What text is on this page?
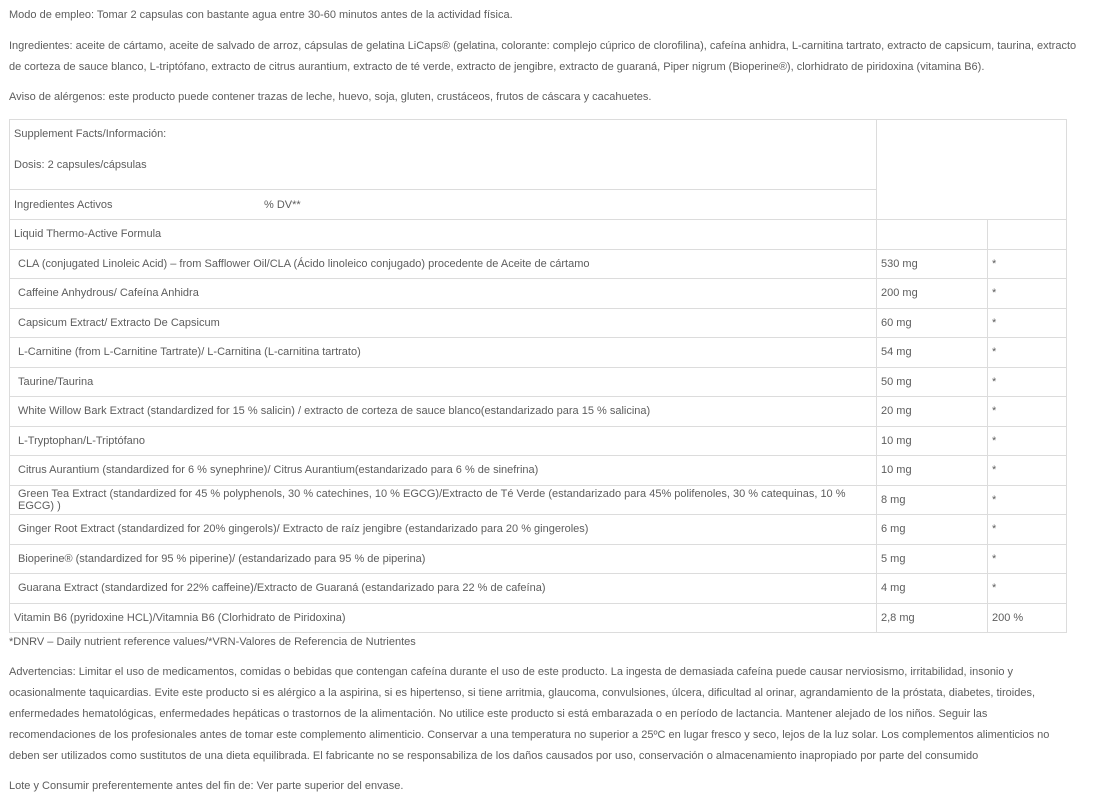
Modo de empleo: Tomar 2 capsulas con bastante agua entre 30-60 minutos antes de la actividad física.

Ingredientes: aceite de cártamo, aceite de salvado de arroz, cápsulas de gelatina LiCaps® (gelatina, colorante: complejo cúprico de clorofilina), cafeína anhidra, L-carnitina tartrato, extracto de capsicum, taurina, extracto de corteza de sauce blanco, L-triptófano, extracto de citrus aurantium, extracto de té verde, extracto de jengibre, extracto de guaraná, Piper nigrum (Bioperine®), clorhidrato de piridoxina (vitamina B6).

Aviso de alérgenos: este producto puede contener trazas de leche, huevo, soja, gluten, crustáceos, frutos de cáscara y cacahuetes.

Supplement Facts/Información:
Dosis: 2 capsules/cápsulas		

Ingredientes Activos % DV**		
Liquid Thermo-Active Formula		
CLA (conjugated Linoleic Acid) – from Safflower Oil/CLA (Ácido linoleico conjugado) procedente de Aceite de cártamo	530 mg	*
Caffeine Anhydrous/ Cafeína Anhidra	200 mg	*
Capsicum Extract/ Extracto De Capsicum	60 mg	*
L-Carnitine (from L-Carnitine Tartrate)/ L-Carnitina (L-carnitina tartrato)	54 mg	*
Taurine/Taurina	50 mg	*
White Willow Bark Extract (standardized for 15 % salicin) / extracto de corteza de sauce blanco(estandarizado para 15 % salicina)	20 mg	*
L-Tryptophan/L-Triptófano	10 mg	*
Citrus Aurantium (standardized for 6 % synephrine)/ Citrus Aurantium(estandarizado para 6 % de sinefrina)	10 mg	*
Green Tea Extract (standardized for 45 % polyphenols, 30 % catechines, 10 % EGCG)/Extracto de Té Verde (estandarizado para 45% polifenoles, 30 % catequinas, 10 % EGCG) )	8 mg	*
Ginger Root Extract (standardized for 20% gingerols)/ Extracto de raíz jengibre (estandarizado para 20 % gingeroles)	6 mg	*
Bioperine® (standardized for 95 % piperine)/ (estandarizado para 95 % de piperina)	5 mg	*
Guarana Extract (standardized for 22% caffeine)/Extracto de Guaraná (estandarizado para 22 % de cafeína)	4 mg	*
Vitamin B6 (pyridoxine HCL)/Vitamnia B6 (Clorhidrato de Piridoxina)	2,8 mg	200 %

*DNRV – Daily nutrient reference values/*VRN-Valores de Referencia de Nutrientes

Advertencias: Limitar el uso de medicamentos, comidas o bebidas que contengan cafeína durante el uso de este producto. La ingesta de demasiada cafeína puede causar nerviosismo, irritabilidad, insonio y ocasionalmente taquicardias. Evite este producto si es alérgico a la aspirina, si es hipertenso, si tiene arritmia, glaucoma, convulsiones, úlcera, dificultad al orinar, agrandamiento de la próstata, diabetes, tiroides, enfermedades hematológicas, enfermedades hepáticas o trastornos de la alimentación. No utilice este producto si está embarazada o en período de lactancia. Mantener alejado de los niños. Seguir las recomendaciones de los profesionales antes de tomar este complemento alimenticio. Conservar a una temperatura no superior a 25ºC en lugar fresco y seco, lejos de la luz solar. Los complementos alimenticios no deben ser utilizados como sustitutos de una dieta equilibrada. El fabricante no se responsabiliza de los daños causados por uso, conservación o almacenamiento inapropiado por parte del consumido

Lote y Consumir preferentemente antes del fin de: Ver parte superior del envase.
